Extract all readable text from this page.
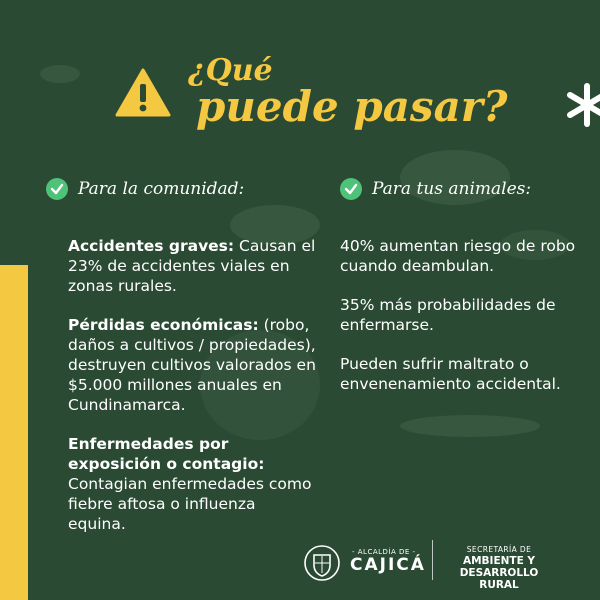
¿Qué
puede pasar?
Para la comunidad:	Para tus animales:

Accidentes graves: Causan el 23% de accidentes viales en zonas rurales.

Pérdidas económicas: (robo, daños a cultivos / propiedades), destruyen cultivos valorados en $5.000 millones anuales en Cundinamarca.

Enfermedades por exposición o contagio: Contagian enfermedades como fiebre aftosa o influenza equina.

40% aumentan riesgo de robo cuando deambulan.

35% más probabilidades de enfermarse.

Pueden sufrir maltrato o envenenamiento accidental.

- ALCALDÍA DE -
CAJICÁ
SECRETARÍA DE
AMBIENTE Y
DESARROLLO RURAL
